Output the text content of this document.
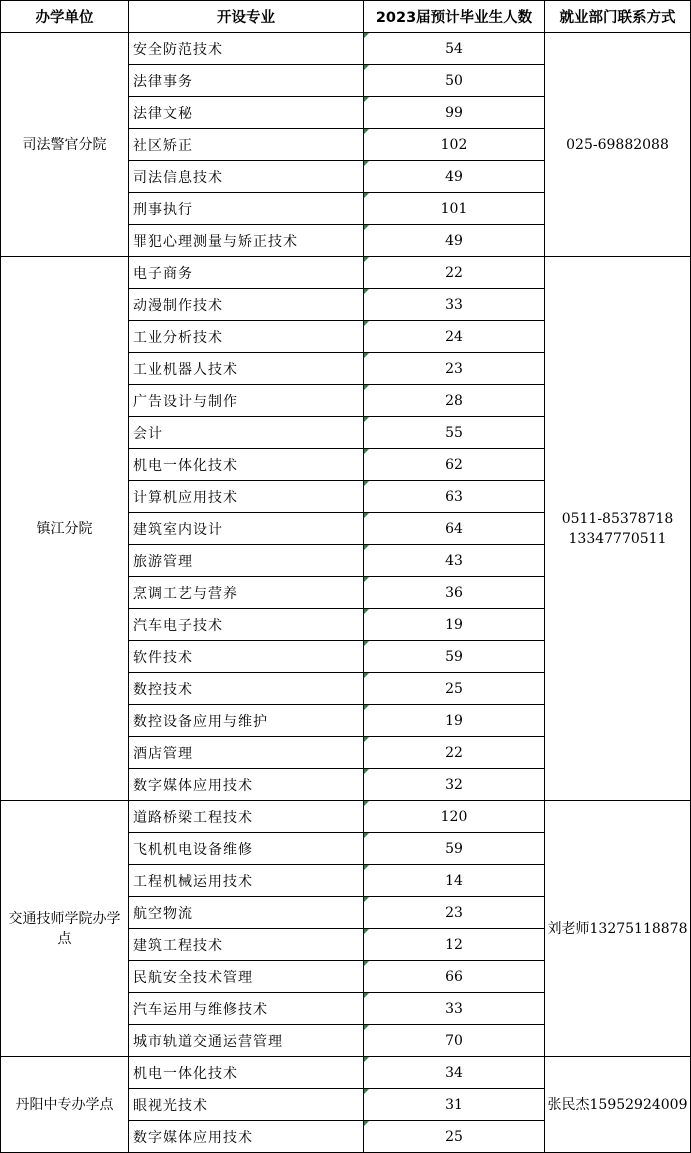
办学单位	开设专业	2023届预计毕业生人数	就业部门联系方式
司法警官分院	安全防范技术	54	025-69882088

	法律事务	50	
	法律文秘	99	
	社区矫正	102	
	司法信息技术	49	
	刑事执行	101	
	罪犯心理测量与矫正技术	49	
镇江分院	电子商务	22	0511-85378718
13347770511

	动漫制作技术	33	
	工业分析技术	24	
	工业机器人技术	23	
	广告设计与制作	28	
	会计	55	
	机电一体化技术	62	
	计算机应用技术	63	
	建筑室内设计	64	
	旅游管理	43	
	烹调工艺与营养	36	
	汽车电子技术	19	
	软件技术	59	
	数控技术	25	
	数控设备应用与维护	19	
	酒店管理	22	
	数字媒体应用技术	32	
交通技师学院办学点	道路桥梁工程技术	120	刘老师13275118878

	飞机机电设备维修	59	
	工程机械运用技术	14	
	航空物流	23	
	建筑工程技术	12	
	民航安全技术管理	66	
	汽车运用与维修技术	33	
	城市轨道交通运营管理	70	
丹阳中专办学点	机电一体化技术	34	张民杰15952924009

	眼视光技术	31	
	数字媒体应用技术	25	
